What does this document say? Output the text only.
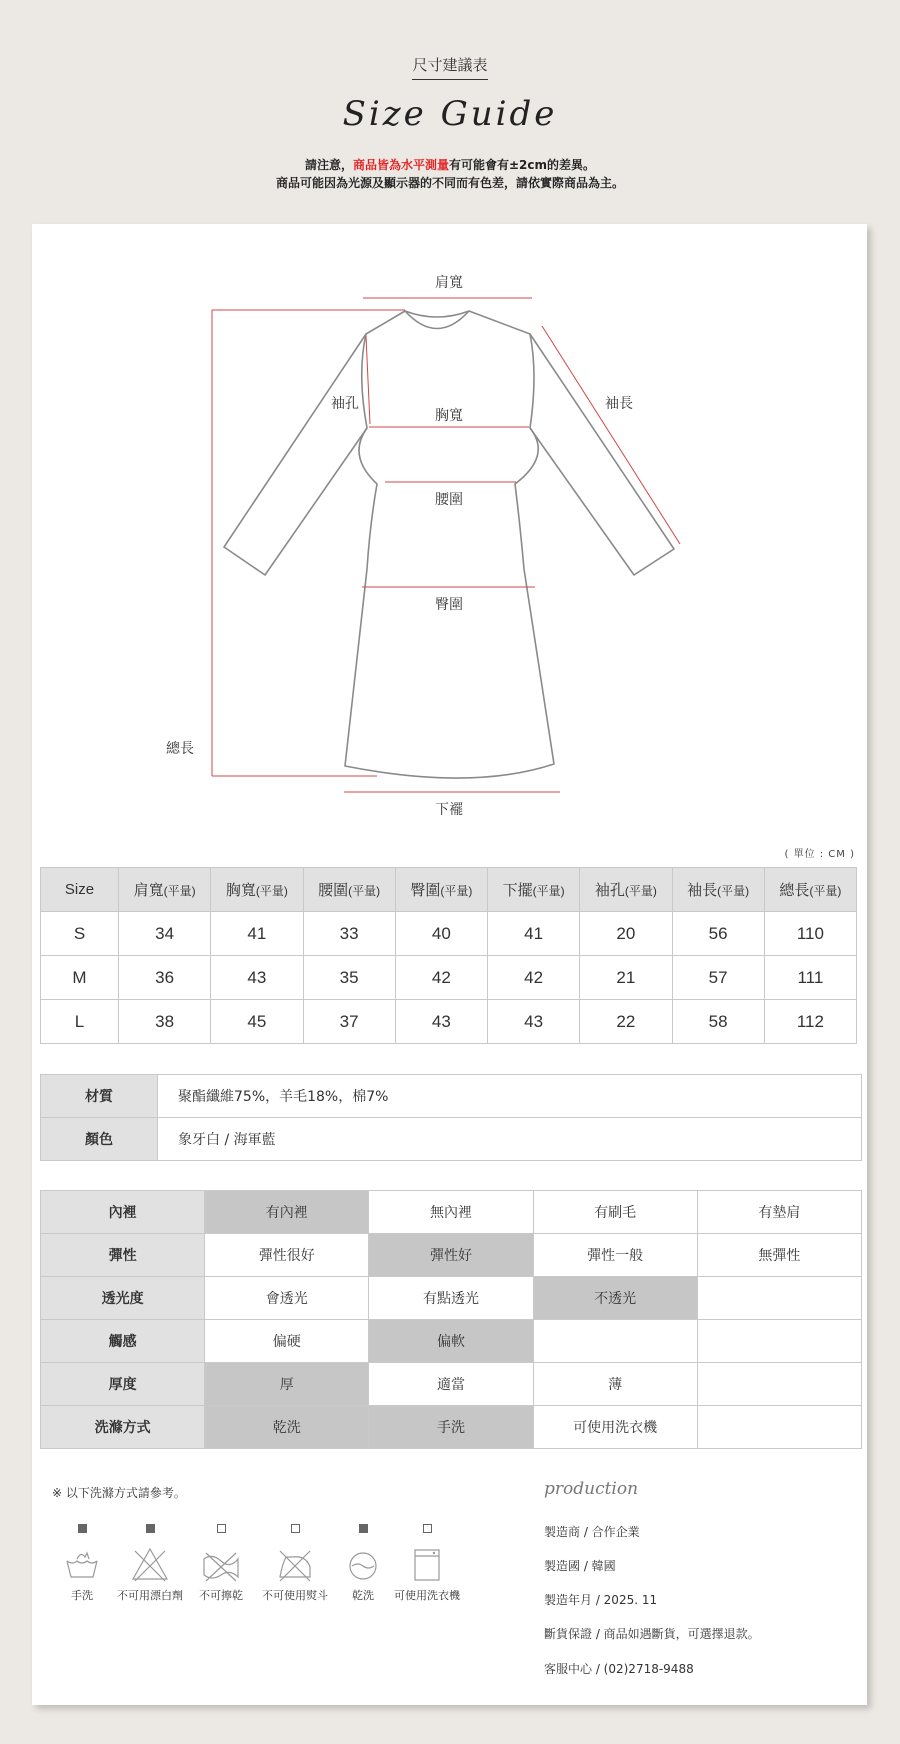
尺寸建議表
Size Guide
請注意，商品皆為水平測量有可能會有±2cm的差異。
商品可能因為光源及顯示器的不同而有色差，請依實際商品為主。
肩寬
袖孔	袖長
胸寬
腰圍
臀圍
總長
下襬
( 單位 : CM )
Size	肩寬(平量)	胸寬(平量)	腰圍(平量)	臀圍(平量)	下擺(平量)	袖孔(平量)	袖長(平量)	總長(平量)
S	34	41	33	40	41	20	56	110
M	36	43	35	42	42	21	57	111
L	38	45	37	43	43	22	58	112
材質	聚酯纖維75%，羊毛18%，棉7%
顏色	象牙白 / 海軍藍
內裡	有內裡	無內裡	有刷毛	有墊肩
彈性	彈性很好	彈性好	彈性一般	無彈性
透光度	會透光	有點透光	不透光	
觸感	偏硬	偏軟		
厚度	厚	適當	薄	
洗滌方式	乾洗	手洗	可使用洗衣機	
※ 以下洗滌方式請參考。
手洗	不可用漂白劑	不可擰乾	不可使用熨斗	乾洗	可使用洗衣機
production
製造商 / 合作企業
製造國 / 韓國
製造年月 / 2025. 11
斷貨保證 / 商品如遇斷貨，可選擇退款。
客服中心 / (02)2718-9488
